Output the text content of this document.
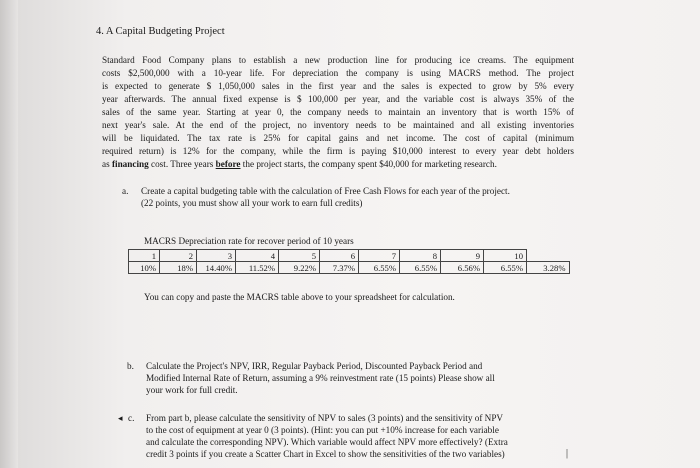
4. A Capital Budgeting Project
Standard Food Company plans to establish a new production line for producing ice creams. The equipment
costs $2,500,000 with a 10-year life. For depreciation the company is using MACRS method. The project
is expected to generate $ 1,050,000 sales in the first year and the sales is expected to grow by 5% every
year afterwards. The annual fixed expense is $ 100,000 per year, and the variable cost is always 35% of the
sales of the same year. Starting at year 0, the company needs to maintain an inventory that is worth 15% of
next year's sale. At the end of the project, no inventory needs to be maintained and all existing inventories
will be liquidated. The tax rate is 25% for capital gains and net income. The cost of capital (minimum
required return) is 12% for the company, while the firm is paying $10,000 interest to every year debt holders
as financing cost. Three years before the project starts, the company spent $40,000 for marketing research.
a. Create a capital budgeting table with the calculation of Free Cash Flows for each year of the project.
(22 points, you must show all your work to earn full credits)
MACRS Depreciation rate for recover period of 10 years
1	2	3	4	5	6	7	8	9	10	
10%	18%	14.40%	11.52%	9.22%	7.37%	6.55%	6.55%	6.56%	6.55%	3.28%
You can copy and paste the MACRS table above to your spreadsheet for calculation.
b. Calculate the Project's NPV, IRR, Regular Payback Period, Discounted Payback Period and
Modified Internal Rate of Return, assuming a 9% reinvestment rate (15 points) Please show all
your work for full credit.
◂ c. From part b, please calculate the sensitivity of NPV to sales (3 points) and the sensitivity of NPV
to the cost of equipment at year 0 (3 points). (Hint: you can put +10% increase for each variable
and calculate the corresponding NPV). Which variable would affect NPV more effectively? (Extra
credit 3 points if you create a Scatter Chart in Excel to show the sensitivities of the two variables)	|
